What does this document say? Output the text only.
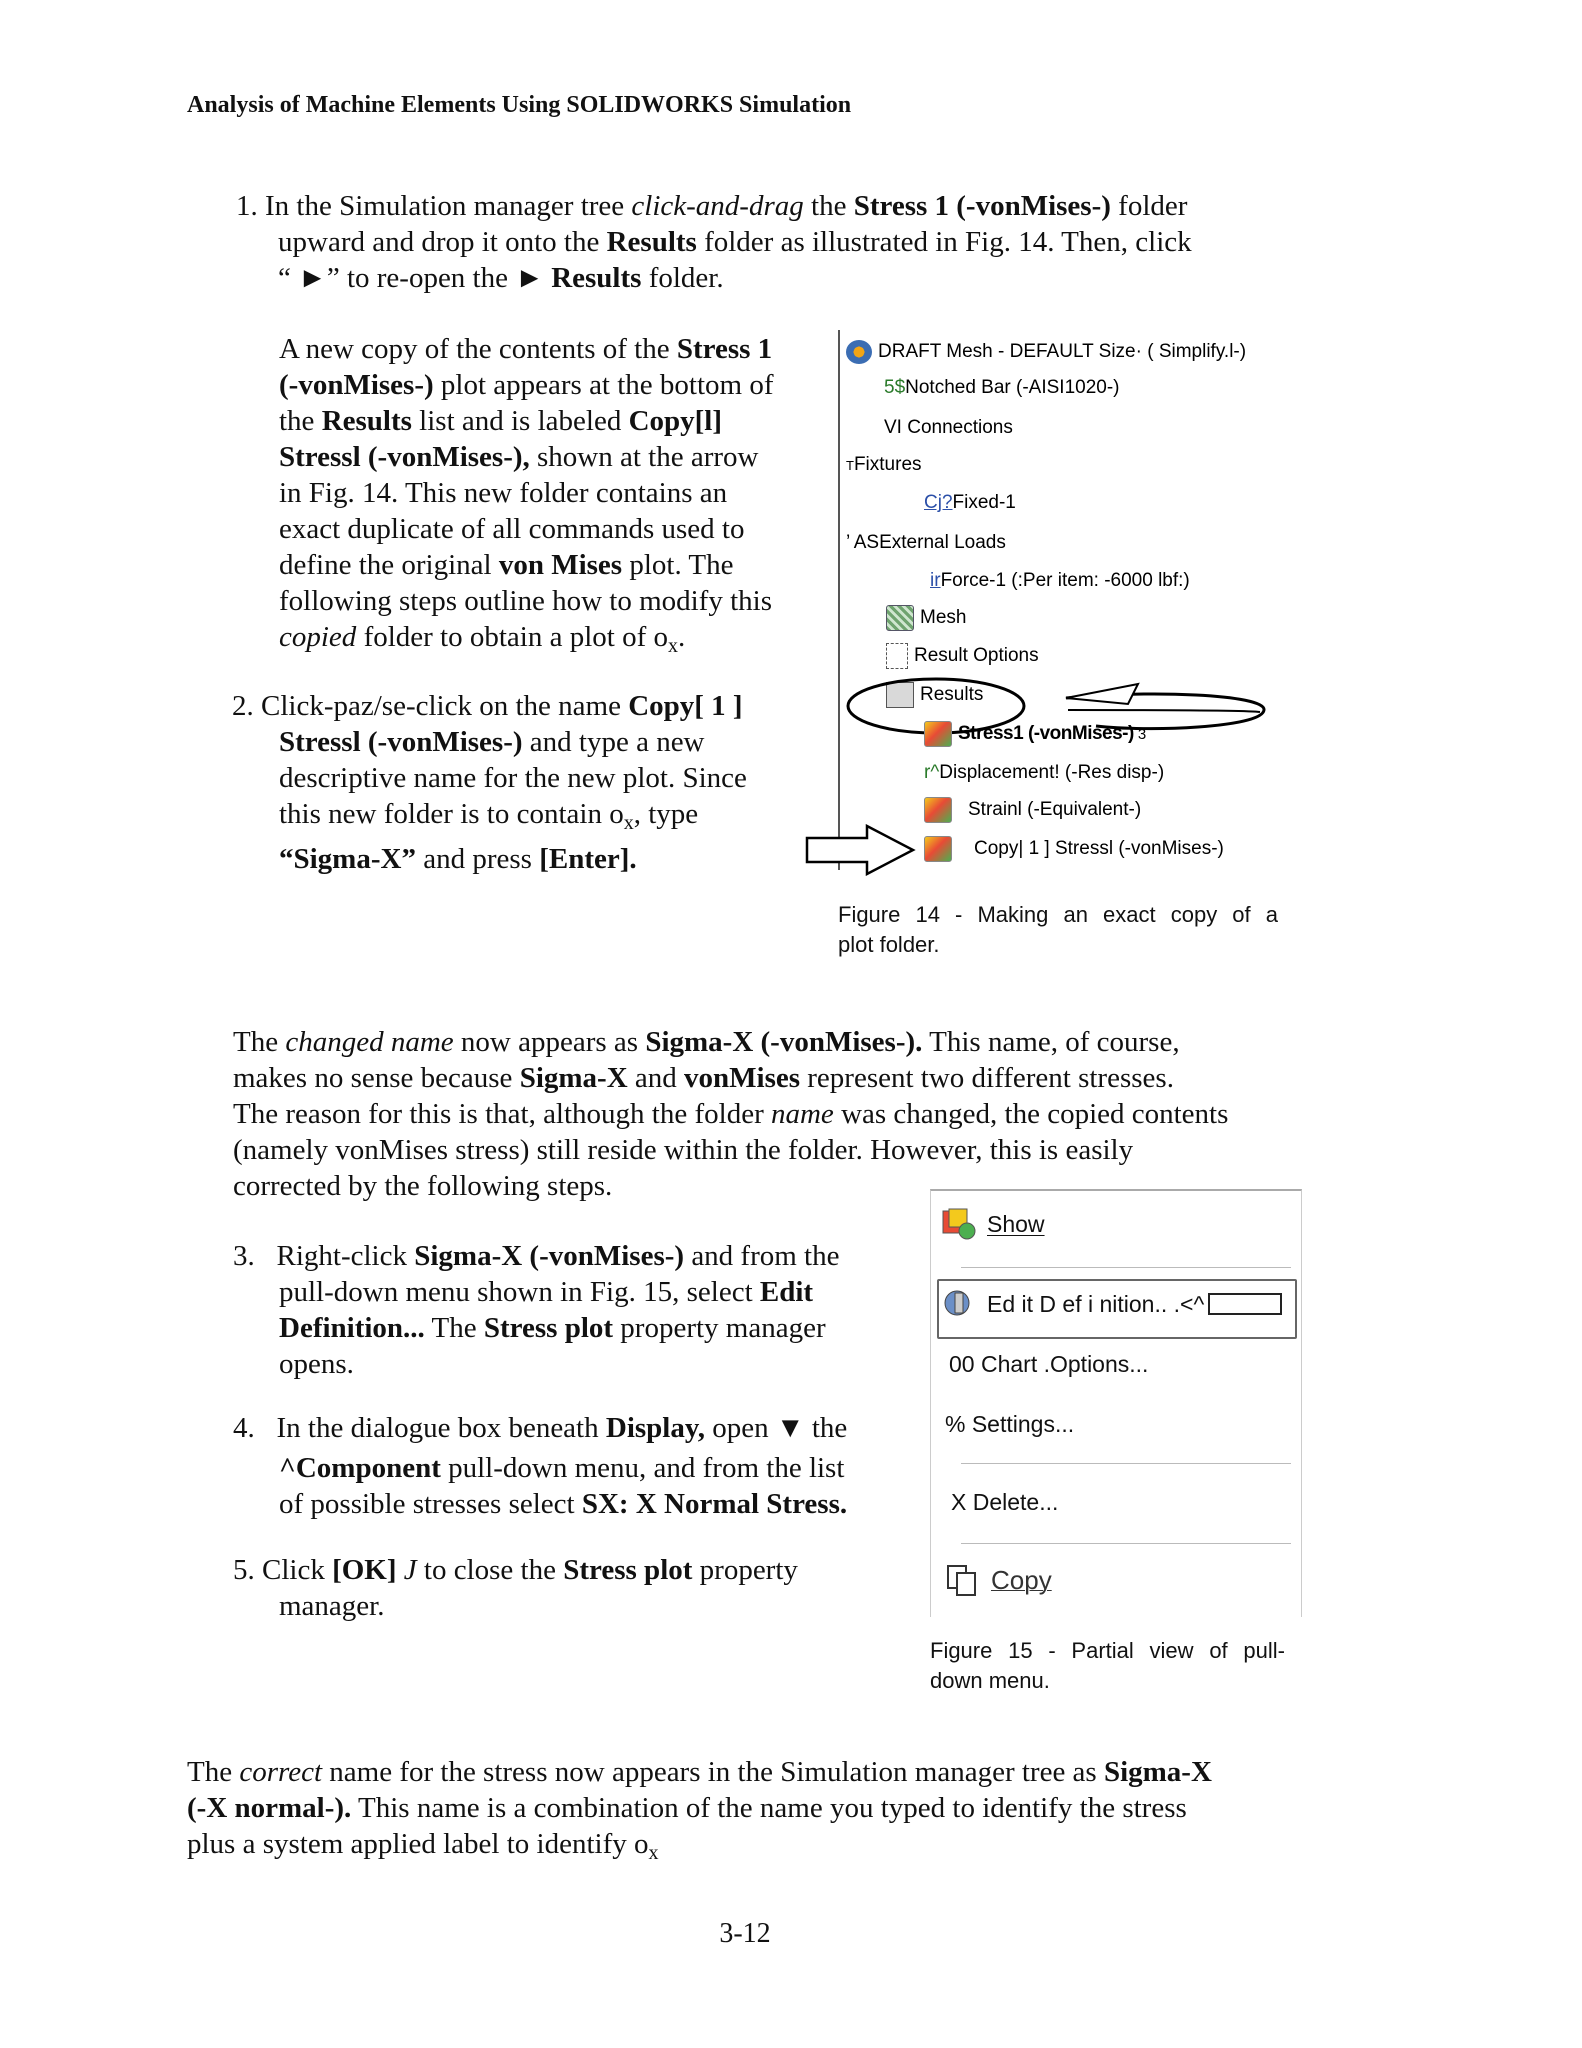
Analysis of Machine Elements Using SOLIDWORKS Simulation
1. In the Simulation manager tree click-and-drag the Stress 1 (-vonMises-) folder
upward and drop it onto the Results folder as illustrated in Fig. 14. Then, click
“ ►” to re-open the ► Results folder.
A new copy of the contents of the Stress 1
(-vonMises-) plot appears at the bottom of
the Results list and is labeled Copy[l]
Stressl (-vonMises-), shown at the arrow
in Fig. 14. This new folder contains an
exact duplicate of all commands used to
define the original von Mises plot. The
following steps outline how to modify this
copied folder to obtain a plot of $o_x$.
2. Click-paz/se-click on the name Copy[ 1 ]
Stressl (-vonMises-) and type a new
descriptive name for the new plot. Since
this new folder is to contain $o_x$, type
“Sigma-X” and press [Enter].
DRAFT Mesh - DEFAULT Size· ( Simplify.l-)
5$ Notched Bar (-AISI1020-)
VI Connections
T Fixtures
Cj? Fixed-1
’ AS External Loads
ir Force-1 (:Per item: -6000 lbf:)
Mesh
Result Options
Results
Stress1 (-vonMises-) 3
r^ Displacement! (-Res disp-)
Strainl (-Equivalent-)
Copy| 1 ] Stressl (-vonMises-)
Figure 14 - Making an exact copy of a
plot folder.
The changed name now appears as Sigma-X (-vonMises-). This name, of course,
makes no sense because Sigma-X and vonMises represent two different stresses.
The reason for this is that, although the folder name was changed, the copied contents
(namely vonMises stress) still reside within the folder. However, this is easily
corrected by the following steps.
3. Right-click Sigma-X (-vonMises-) and from the
pull-down menu shown in Fig. 15, select Edit
Definition... The Stress plot property manager
opens.
4. In the dialogue box beneath Display, open ▼ the
^Component pull-down menu, and from the list
of possible stresses select SX: X Normal Stress.
5. Click [OK] J to close the Stress plot property
manager.
Show
Ed it D ef i nition.. .<^
00 Chart .Options...
% Settings...
X Delete...
Copy
Figure 15 - Partial view of pull-
down menu.
The correct name for the stress now appears in the Simulation manager tree as Sigma-X
(-X normal-). This name is a combination of the name you typed to identify the stress
plus a system applied label to identify $o_x$
3-12
